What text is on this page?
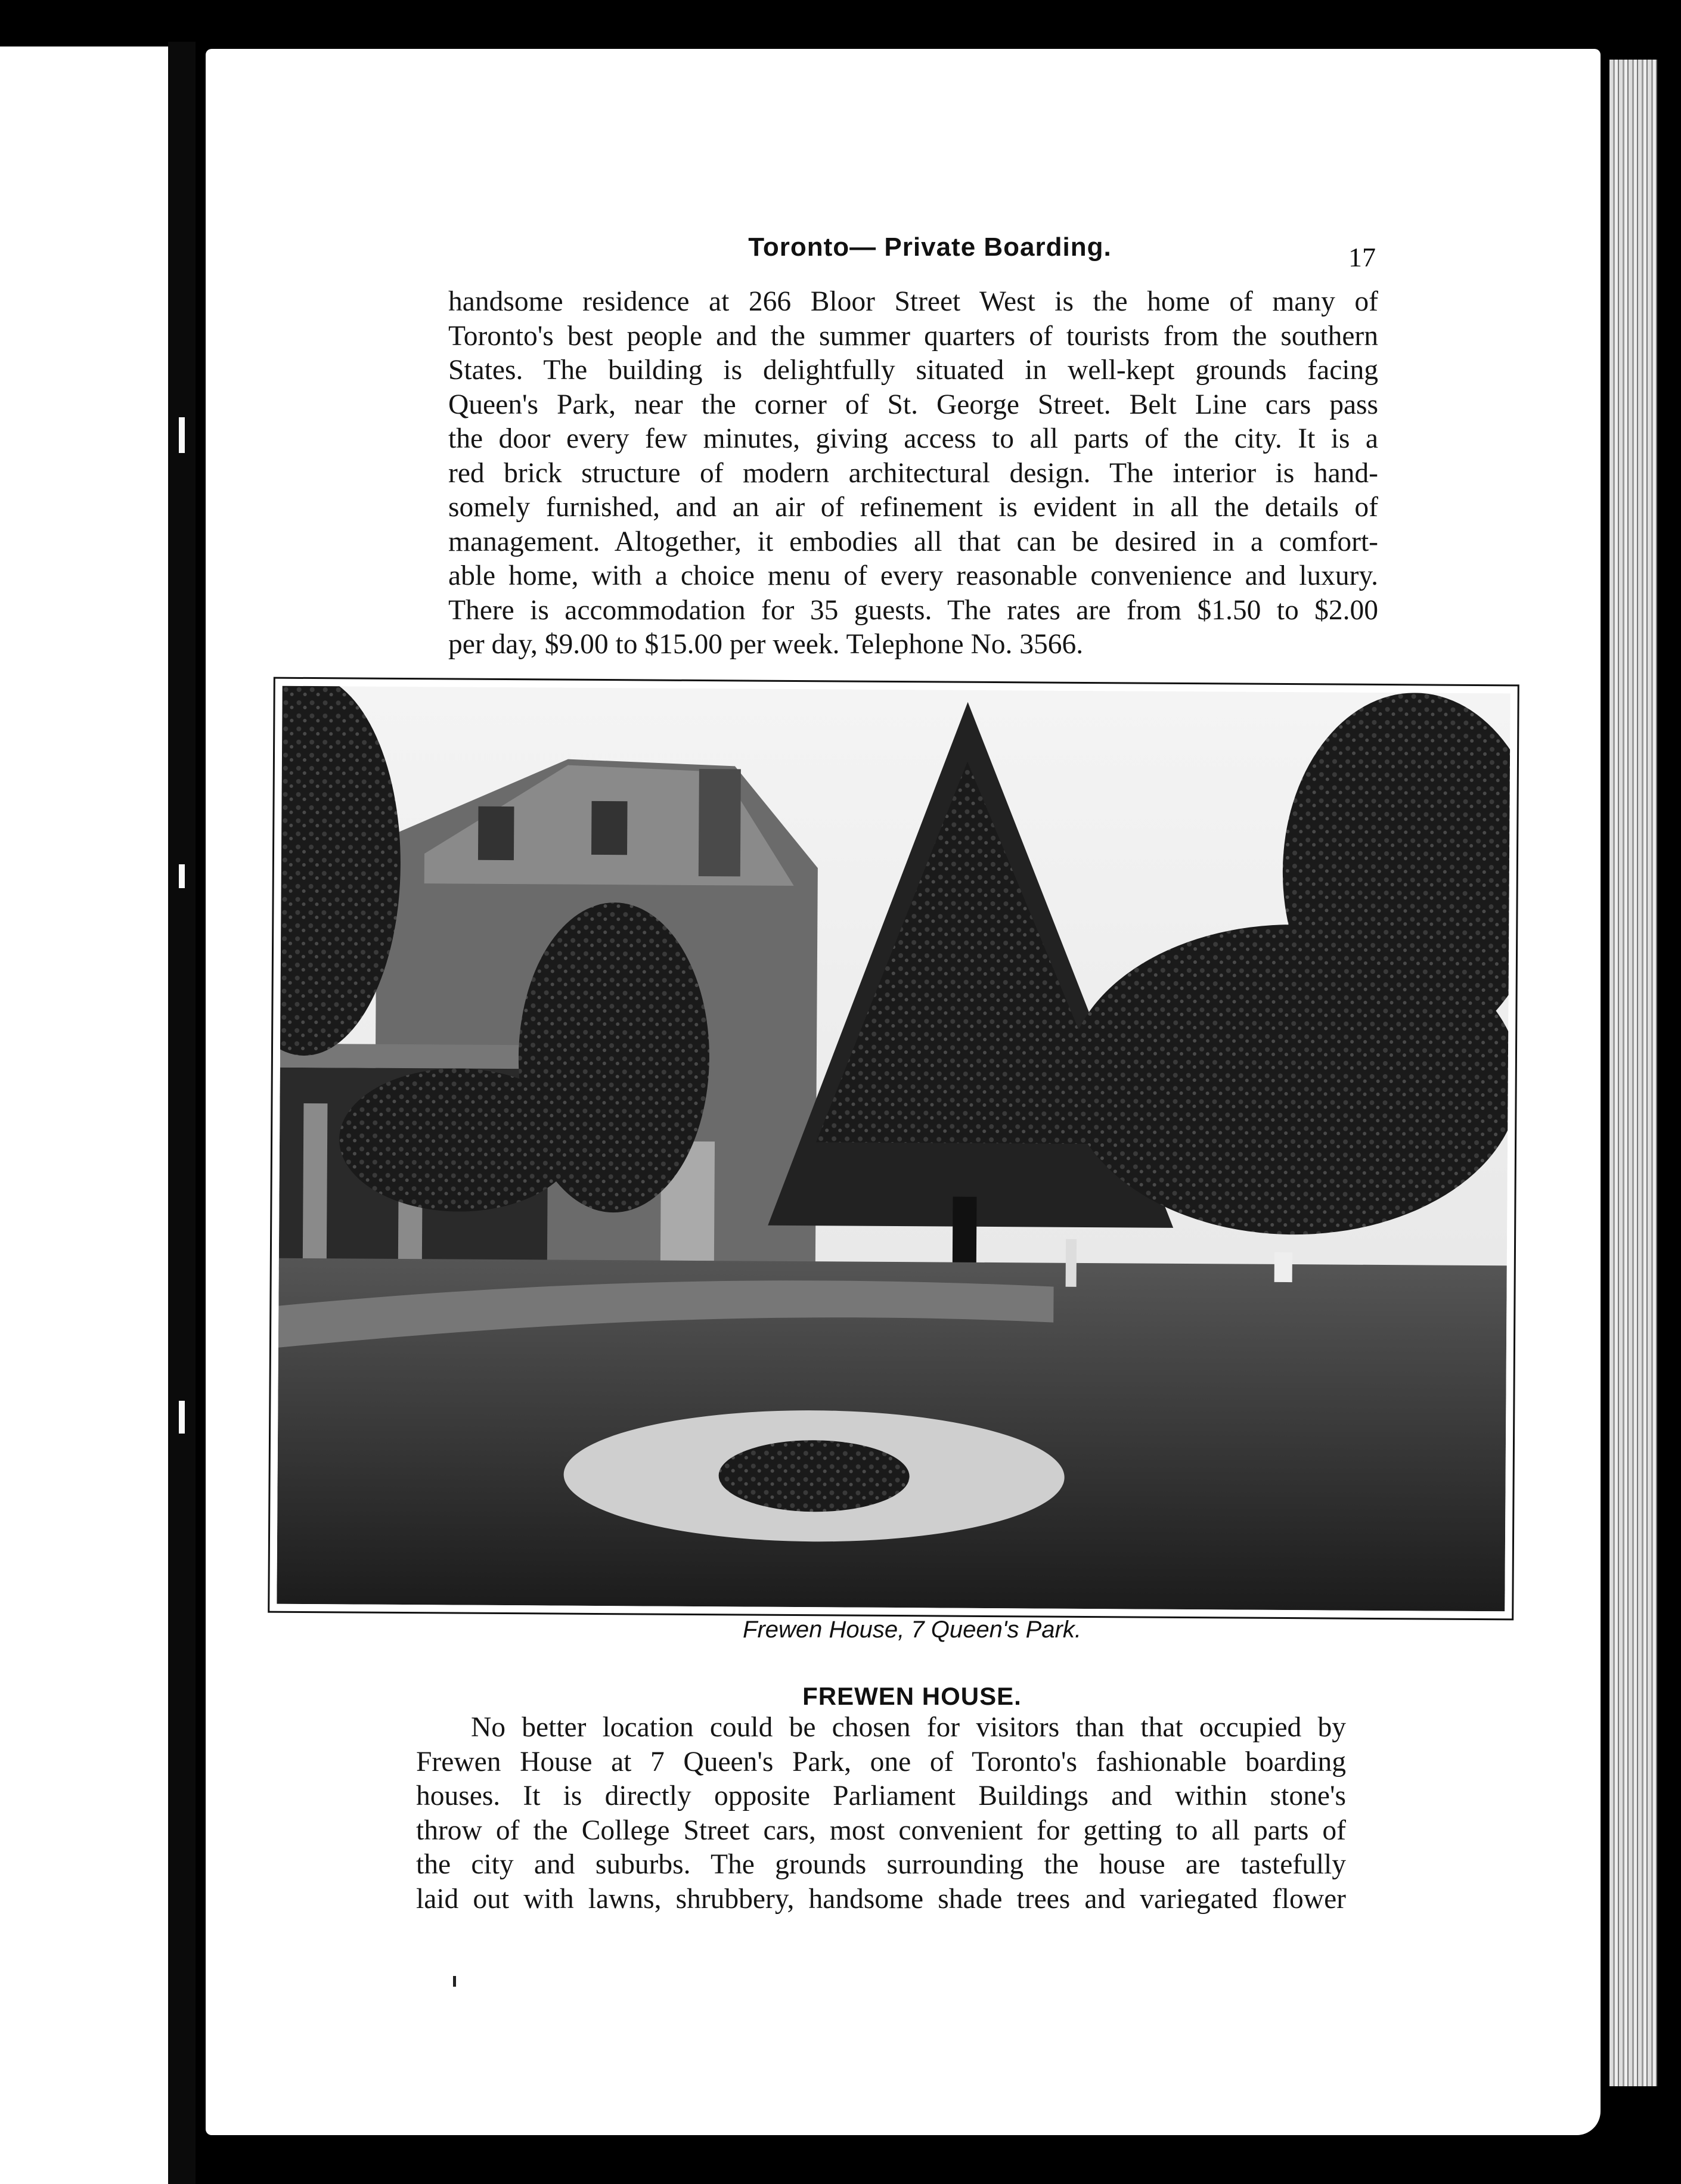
Toronto— Private Boarding.	17

handsome residence at 266 Bloor Street West is the home of many of
Toronto's best people and the summer quarters of tourists from the southern
States. The building is delightfully situated in well-kept grounds facing
Queen's Park, near the corner of St. George Street. Belt Line cars pass
the door every few minutes, giving access to all parts of the city. It is a
red brick structure of modern architectural design. The interior is hand-
somely furnished, and an air of refinement is evident in all the details of
management. Altogether, it embodies all that can be desired in a comfort-
able home, with a choice menu of every reasonable convenience and luxury.
There is accommodation for 35 guests. The rates are from $1.50 to $2.00
per day, $9.00 to $15.00 per week. Telephone No. 3566.

Frewen House, 7 Queen's Park.
FREWEN HOUSE.

No better location could be chosen for visitors than that occupied by
Frewen House at 7 Queen's Park, one of Toronto's fashionable boarding
houses. It is directly opposite Parliament Buildings and within stone's
throw of the College Street cars, most convenient for getting to all parts of
the city and suburbs. The grounds surrounding the house are tastefully
laid out with lawns, shrubbery, handsome shade trees and variegated flower
